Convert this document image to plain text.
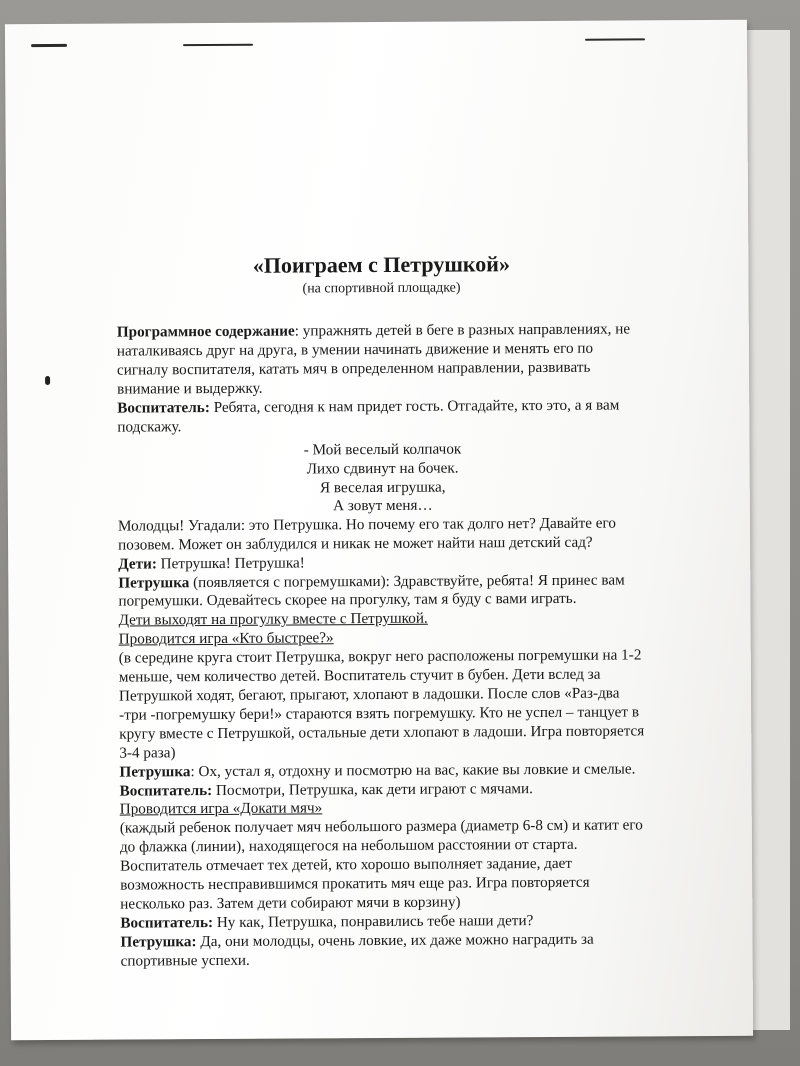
«Поиграем с Петрушкой»
(на спортивной площадке)

Программное содержание: упражнять детей в беге в разных направлениях, не наталкиваясь друг на друга, в умении начинать движение и менять его по сигналу воспитателя, катать мяч в определенном направлении, развивать внимание и выдержку.

Воспитатель: Ребята, сегодня к нам придет гость. Отгадайте, кто это, а я вам подскажу.

- Мой веселый колпачок
Лихо сдвинут на бочек.
Я веселая игрушка,
А зовут меня…

Молодцы! Угадали: это Петрушка. Но почему его так долго нет? Давайте его позовем. Может он заблудился и никак не может найти наш детский сад?

Дети: Петрушка! Петрушка!

Петрушка (появляется с погремушками): Здравствуйте, ребята! Я принес вам погремушки. Одевайтесь скорее на прогулку, там я буду с вами играть.

Дети выходят на прогулку вместе с Петрушкой.

Проводится игра «Кто быстрее?»

(в середине круга стоит Петрушка, вокруг него расположены погремушки на 1-2 меньше, чем количество детей. Воспитатель стучит в бубен. Дети вслед за Петрушкой ходят, бегают, прыгают, хлопают в ладошки. После слов «Раз-два -три -погремушку бери!» стараются взять погремушку. Кто не успел – танцует в кругу вместе с Петрушкой, остальные дети хлопают в ладоши. Игра повторяется 3-4 раза)

Петрушка: Ох, устал я, отдохну и посмотрю на вас, какие вы ловкие и смелые.

Воспитатель: Посмотри, Петрушка, как дети играют с мячами.

Проводится игра «Докати мяч»

(каждый ребенок получает мяч небольшого размера (диаметр 6-8 см) и катит его до флажка (линии), находящегося на небольшом расстоянии от старта. Воспитатель отмечает тех детей, кто хорошо выполняет задание, дает возможность несправившимся прокатить мяч еще раз. Игра повторяется несколько раз. Затем дети собирают мячи в корзину)

Воспитатель: Ну как, Петрушка, понравились тебе наши дети?

Петрушка: Да, они молодцы, очень ловкие, их даже можно наградить за спортивные успехи.
